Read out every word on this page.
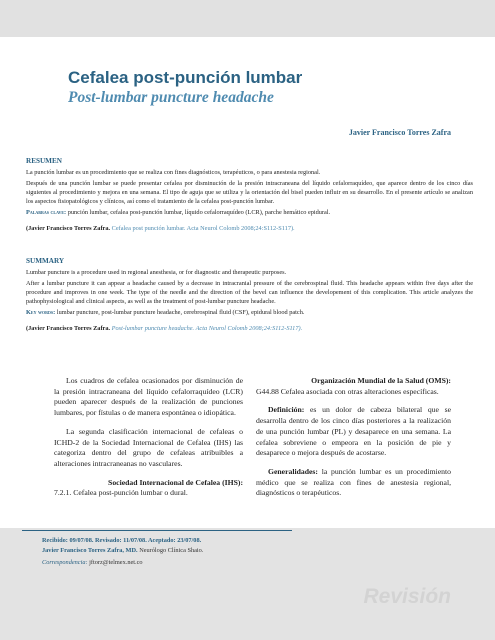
Cefalea post-punción lumbar
Post-lumbar puncture headache
Javier Francisco Torres Zafra
RESUMEN
La punción lumbar es un procedimiento que se realiza con fines diagnósticos, terapéuticos, o para anestesia regional.
Después de una punción lumbar se puede presentar cefalea por disminución de la presión intracraneana del líquido cefalorraquídeo, que aparece dentro de los cinco días siguientes al procedimiento y mejora en una semana. El tipo de aguja que se utiliza y la orientación del bisel pueden influir en su desarrollo. En el presente artículo se analizan los aspectos fisiopatológicos y clínicos, así como el tratamiento de la cefalea post-punción lumbar.
Palabras clave: punción lumbar, cefalea post-punción lumbar, líquido cefalorraquídeo (LCR), parche hemático epidural.
(Javier Francisco Torres Zafra. Cefalea post punción lumbar. Acta Neurol Colomb 2008;24:S112-S117).
SUMMARY
Lumbar puncture is a procedure used in regional anesthesia, or for diagnostic and therapeutic purposes.
After a lumbar puncture it can appear a headache caused by a decrease in intracranial pressure of the cerebrospinal fluid. This headache appears within five days after the procedure and improves in one week. The type of the needle and the direction of the bevel can influence the developement of this complication. This article analyzes the pathophysiological and clinical aspects, as well as the treatment of post-lumbar puncture headache.
Key words: lumbar puncture, post-lumbar puncture headache, cerebrospinal fluid (CSF), epidural blood patch.
(Javier Francisco Torres Zafra. Post-lumbar puncture headache. Acta Neurol Colomb 2008;24:S112-S117).

Los cuadros de cefalea ocasionados por disminución de la presión intracraneana del líquido cefalorraquídeo (LCR) pueden aparecer después de la realización de punciones lumbares, por fístulas o de manera espontánea o idiopática.

La segunda clasificación internacional de cefaleas o ICHD-2 de la Sociedad Internacional de Cefalea (IHS) las categoriza dentro del grupo de cefaleas atribuibles a alteraciones intracraneanas no vasculares.

Sociedad Internacional de Cefalea (IHS):
7.2.1. Cefalea post-punción lumbar o dural.

Organización Mundial de la Salud (OMS):
G44.88 Cefalea asociada con otras alteraciones específicas.

Definición: es un dolor de cabeza bilateral que se desarrolla dentro de los cinco días posteriores a la realización de una punción lumbar (PL) y desaparece en una semana. La cefalea sobreviene o empeora en la posición de pie y desaparece o mejora después de acostarse.

Generalidades: la punción lumbar es un procedimiento médico que se realiza con fines de anestesia regional, diagnósticos o terapéuticos.

Recibido: 09/07/08. Revisado: 11/07/08. Aceptado: 23/07/08.
Javier Francisco Torres Zafra, MD. Neurólogo Clínica Shaio.
Correspondencia: jftorz@telmex.net.co
Revisión
